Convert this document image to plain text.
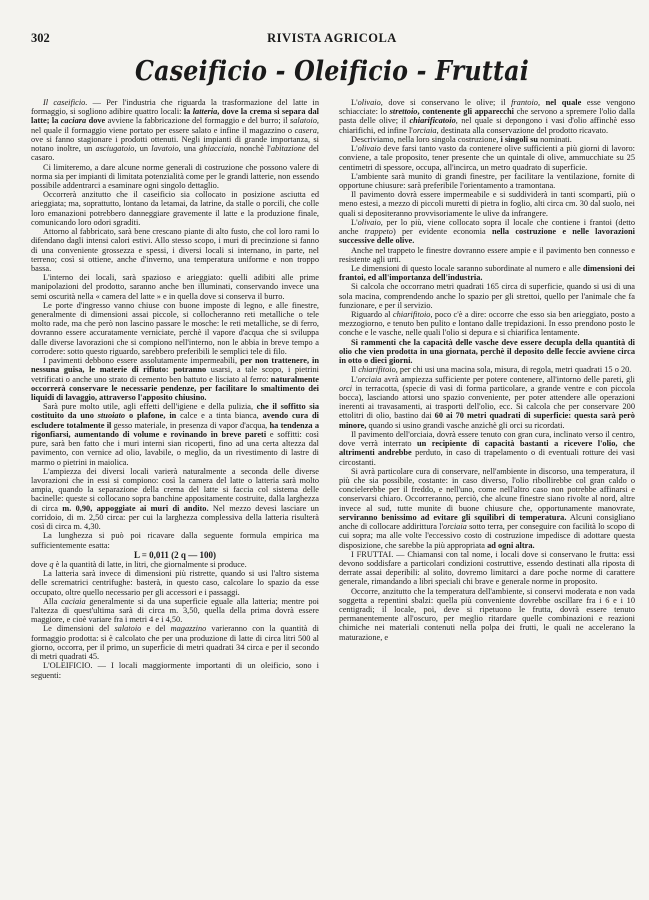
302	RIVISTA AGRICOLA
Caseificio - Oleificio - Fruttai

Il caseificio. — Per l'industria che riguarda la trasformazione del latte in formaggio, si sogliono adibire quattro locali: la latteria, dove la crema si separa dal latte; la caciara dove avviene la fabbricazione del formaggio e del burro; il salatoio, nel quale il formaggio viene portato per essere salato e infine il magazzino o casera, ove si fanno stagionare i prodotti ottenuti. Negli impianti di grande importanza, si notano inoltre, un asciugatoio, un lavatoio, una ghiacciaia, nonchè l'abitazione del casaro.

Ci limiteremo, a dare alcune norme generali di costruzione che possono valere di norma sia per impianti di limitata potenzialità come per le grandi latterie, non essendo possibile addentrarci a esaminare ogni singolo dettaglio.

Occorrerà anzitutto che il caseificio sia collocato in posizione asciutta ed arieggiata; ma, soprattutto, lontano da letamai, da latrine, da stalle o porcili, che colle loro emanazioni potrebbero danneggiare gravemente il latte e la produzione finale, comunicando loro odori sgraditi.

Attorno al fabbricato, sarà bene crescano piante di alto fusto, che col loro rami lo difendano dagli intensi calori estivi. Allo stesso scopo, i muri di precinzione si fanno di una conveniente grossezza e spessi, i diversi locali si internano, in parte, nel terreno; così si ottiene, anche d'inverno, una temperatura uniforme e non troppo bassa.

L'interno dei locali, sarà spazioso e arieggiato: quelli adibiti alle prime manipolazioni del prodotto, saranno anche ben illuminati, conservando invece una semi oscurità nella « camera del latte » e in quella dove si conserva il burro.

Le porte d'ingresso vanno chiuse con buone imposte di legno, e alle finestre, generalmente di dimensioni assai piccole, si collocheranno reti metalliche o tele molto rade, ma che però non lascino passare le mosche: le reti metalliche, se di ferro, dovranno essere accuratamente verniciate, perchè il vapore d'acqua che si sviluppa dalle diverse lavorazioni che si compiono nell'interno, non le abbia in breve tempo a corrodere: sotto questo riguardo, sarebbero preferibili le semplici tele di filo.

I pavimenti debbono essere assolutamente impermeabili, per non trattenere, in nessuna guisa, le materie di rifiuto: potranno usarsi, a tale scopo, i pietrini vetrificati o anche uno strato di cemento ben battuto e lisciato al ferro: naturalmente occorrerà conservare le necessarie pendenze, per facilitare lo smaltimento dei liquidi di lavaggio, attraverso l'apposito chiusino.

Sarà pure molto utile, agli effetti dell'igiene e della pulizia, che il soffitto sia costituito da uno stuoiato o plafone, in calce e a tinta bianca, avendo cura di escludere totalmente il gesso materiale, in presenza di vapor d'acqua, ha tendenza a rigonfiarsi, aumentando di volume e rovinando in breve pareti e soffitti: così pure, sarà ben fatto che i muri interni sian ricoperti, fino ad una certa altezza dal pavimento, con vernice ad olio, lavabile, o meglio, da un rivestimento di lastre di marmo o pietrini in maiolica.

L'ampiezza dei diversi locali varierà naturalmente a seconda delle diverse lavorazioni che in essi si compiono: così la camera del latte o latteria sarà molto ampia, quando la separazione della crema del latte si faccia col sistema delle bacinelle: queste si collocano sopra banchine appositamente costruite, dalla larghezza di circa m. 0,90, appoggiate ai muri di andito. Nel mezzo devesi lasciare un corridoio, di m. 2,50 circa: per cui la larghezza complessiva della latteria risulterà così di circa m. 4,30.

La lunghezza si può poi ricavare dalla seguente formula empirica ma sufficientemente esatta:

L = 0,011 (2 q — 100)

dove q è la quantità di latte, in litri, che giornalmente si produce.

La latteria sarà invece di dimensioni più ristrette, quando si usi l'altro sistema delle scrematrici centrifughe: basterà, in questo caso, calcolare lo spazio da esse occupato, oltre quello necessario per gli accessori e i passaggi.

Alla caciaia generalmente si da una superficie eguale alla latteria; mentre poi l'altezza di quest'ultima sarà di circa m. 3,50, quella della prima dovrà essere maggiore, e cioè variare fra i metri 4 e i 4,50.

Le dimensioni del salatoio e del magazzino varieranno con la quantità di formaggio prodotta: si è calcolato che per una produzione di latte di circa litri 500 al giorno, occorra, per il primo, un superficie di metri quadrati 34 circa e per il secondo di metri quadrati 45.

L'OLEIFICIO. — I locali maggiormente importanti di un oleificio, sono i seguenti:

L'olivaio, dove si conservano le olive; il frantoio, nel quale esse vengono schiacciate: lo strettoio, contenente gli apparecchi che servono a spremere l'olio dalla pasta delle olive; il chiarificatoio, nel quale si depongono i vasi d'olio affinchè esso chiarifichi, ed infine l'orciaia, destinata alla conservazione del prodotto ricavato.

Descriviamo, nella loro singola costruzione, i singoli su nominati.

L'olivaio deve farsi tanto vasto da contenere olive sufficienti a più giorni di lavoro: conviene, a tale proposito, tener presente che un quintale di olive, ammucchiate su 25 centimetri di spessore, occupa, all'incirca, un metro quadrato di superficie.

L'ambiente sarà munito di grandi finestre, per facilitare la ventilazione, fornite di opportune chiusure: sarà preferibile l'orientamento a tramontana.

Il pavimento dovrà essere impermeabile e si suddividerà in tanti scompartì, più o meno estesi, a mezzo di piccoli muretti di pietra in foglio, alti circa cm. 30 dal suolo, nei quali si depositeranno provvisoriamente le ulive da infrangere.

L'olivaio, per lo più, viene collocato sopra il locale che contiene i frantoi (detto anche trappeto) per evidente economia nella costruzione e nelle lavorazioni successive delle olive.

Anche nel trappeto le finestre dovranno essere ampie e il pavimento ben connesso e resistente agli urti.

Le dimensioni di questo locale saranno subordinate al numero e alle dimensioni dei frantoi, ed all'importanza dell'industria.

Si calcola che occorrano metri quadrati 165 circa di superficie, quando si usi di una sola macina, comprendendo anche lo spazio per gli strettoi, quello per l'animale che fa funzionare, e per il servizio.

Riguardo al chiarifitoio, poco c'è a dire: occorre che esso sia ben arieggiato, posto a mezzogiorno, e tenuto ben pulito e lontano dalle trepidazioni. In esso prendono posto le conche e le vasche, nelle quali l'olio si depura e si chiarifica lentamente.

Si rammenti che la capacità delle vasche deve essere decupla della quantità di olio che vien prodotta in una giornata, perchè il deposito delle feccie avviene circa in otto o dieci giorni.

Il chiarifitoio, per chi usi una macina sola, misura, di regola, metri quadrati 15 o 20.

L'orciaia avrà ampiezza sufficiente per potere contenere, all'intorno delle pareti, gli orci in terracotta, (specie di vasi di forma particolare, a grande ventre e con piccola bocca), lasciando attorsi uno spazio conveniente, per poter attendere alle operazioni inerenti ai travasamenti, ai trasporti dell'olio, ecc. Si calcola che per conservare 200 ettolitri di olio, bastino dai 60 ai 70 metri quadrati di superficie: questa sarà però minore, quando si usino grandi vasche anzichè gli orci su ricordati.

Il pavimento dell'orciaia, dovrà essere tenuto con gran cura, inclinato verso il centro, dove verrà interrato un recipiente di capacità bastanti a ricevere l'olio, che altrimenti andrebbe perduto, in caso di trapelamento o di eventuali rotture dei vasi circostanti.

Si avrà particolare cura di conservare, nell'ambiente in discorso, una temperatura, il più che sia possibile, costante: in caso diverso, l'olio ribollirebbe col gran caldo o concielerebbe per il freddo, e nell'uno, come nell'altro caso non potrebbe affinarsi e conservarsi chiaro. Occorreranno, perciò, che alcune finestre siano rivolte al nord, altre invece al sud, tutte munite di buone chiusure che, opportunamente manovrate, serviranno benissimo ad evitare gli squilibri di temperatura. Alcuni consigliano anche di collocare addirittura l'orciaia sotto terra, per conseguire con facilità lo scopo di cui sopra; ma alle volte l'eccessivo costo di costruzione impedisce di adottare questa disposizione, che sarebbe la più appropriata ad ogni altra.

I FRUTTAI. — Chiamansi con tal nome, i locali dove si conservano le frutta: essi devono soddisfare a particolari condizioni costruttive, essendo destinati alla riposta di derrate assai deperibili: al solito, dovremo limitarci a dare poche norme di carattere generale, rimandando a libri speciali chi brave e generale norme in proposito.

Occorre, anzitutto che la temperatura dell'ambiente, si conservi moderata e non vada soggetta a repentini sbalzi: quella più conveniente dovrebbe oscillare fra i 6 e i 10 centigradi; il locale, poi, deve si ripetuono le frutta, dovrà essere tenuto permanentemente all'oscuro, per meglio ritardare quelle combinazioni e reazioni chimiche nei materiali contenuti nella polpa dei frutti, le quali ne accelerano la maturazione, e
